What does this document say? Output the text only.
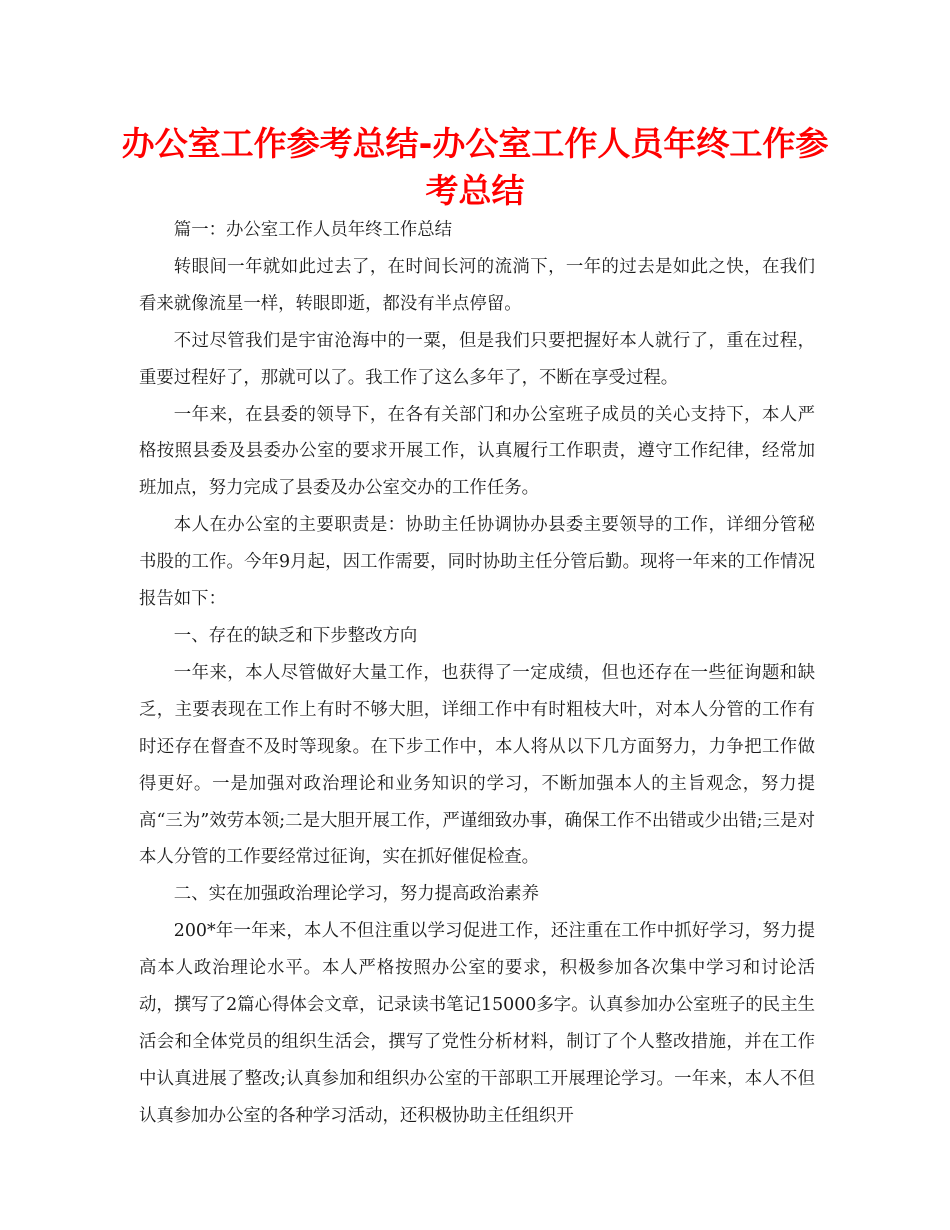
办公室工作参考总结-办公室工作人员年终工作参考总结

篇一：办公室工作人员年终工作总结

转眼间一年就如此过去了，在时间长河的流淌下，一年的过去是如此之快，在我们看来就像流星一样，转眼即逝，都没有半点停留。

不过尽管我们是宇宙沧海中的一粟，但是我们只要把握好本人就行了，重在过程，重要过程好了，那就可以了。我工作了这么多年了，不断在享受过程。

一年来，在县委的领导下，在各有关部门和办公室班子成员的关心支持下，本人严格按照县委及县委办公室的要求开展工作，认真履行工作职责，遵守工作纪律，经常加班加点，努力完成了县委及办公室交办的工作任务。

本人在办公室的主要职责是：协助主任协调协办县委主要领导的工作，详细分管秘书股的工作。今年9月起，因工作需要，同时协助主任分管后勤。现将一年来的工作情况报告如下：

一、存在的缺乏和下步整改方向

一年来，本人尽管做好大量工作，也获得了一定成绩，但也还存在一些征询题和缺乏，主要表现在工作上有时不够大胆，详细工作中有时粗枝大叶，对本人分管的工作有时还存在督查不及时等现象。在下步工作中，本人将从以下几方面努力，力争把工作做得更好。一是加强对政治理论和业务知识的学习，不断加强本人的主旨观念，努力提高“三为”效劳本领;二是大胆开展工作，严谨细致办事，确保工作不出错或少出错;三是对本人分管的工作要经常过征询，实在抓好催促检查。

二、实在加强政治理论学习，努力提高政治素养

200*年一年来，本人不但注重以学习促进工作，还注重在工作中抓好学习，努力提高本人政治理论水平。本人严格按照办公室的要求，积极参加各次集中学习和讨论活动，撰写了2篇心得体会文章，记录读书笔记15000多字。认真参加办公室班子的民主生活会和全体党员的组织生活会，撰写了党性分析材料，制订了个人整改措施，并在工作中认真进展了整改;认真参加和组织办公室的干部职工开展理论学习。一年来，本人不但认真参加办公室的各种学习活动，还积极协助主任组织开
